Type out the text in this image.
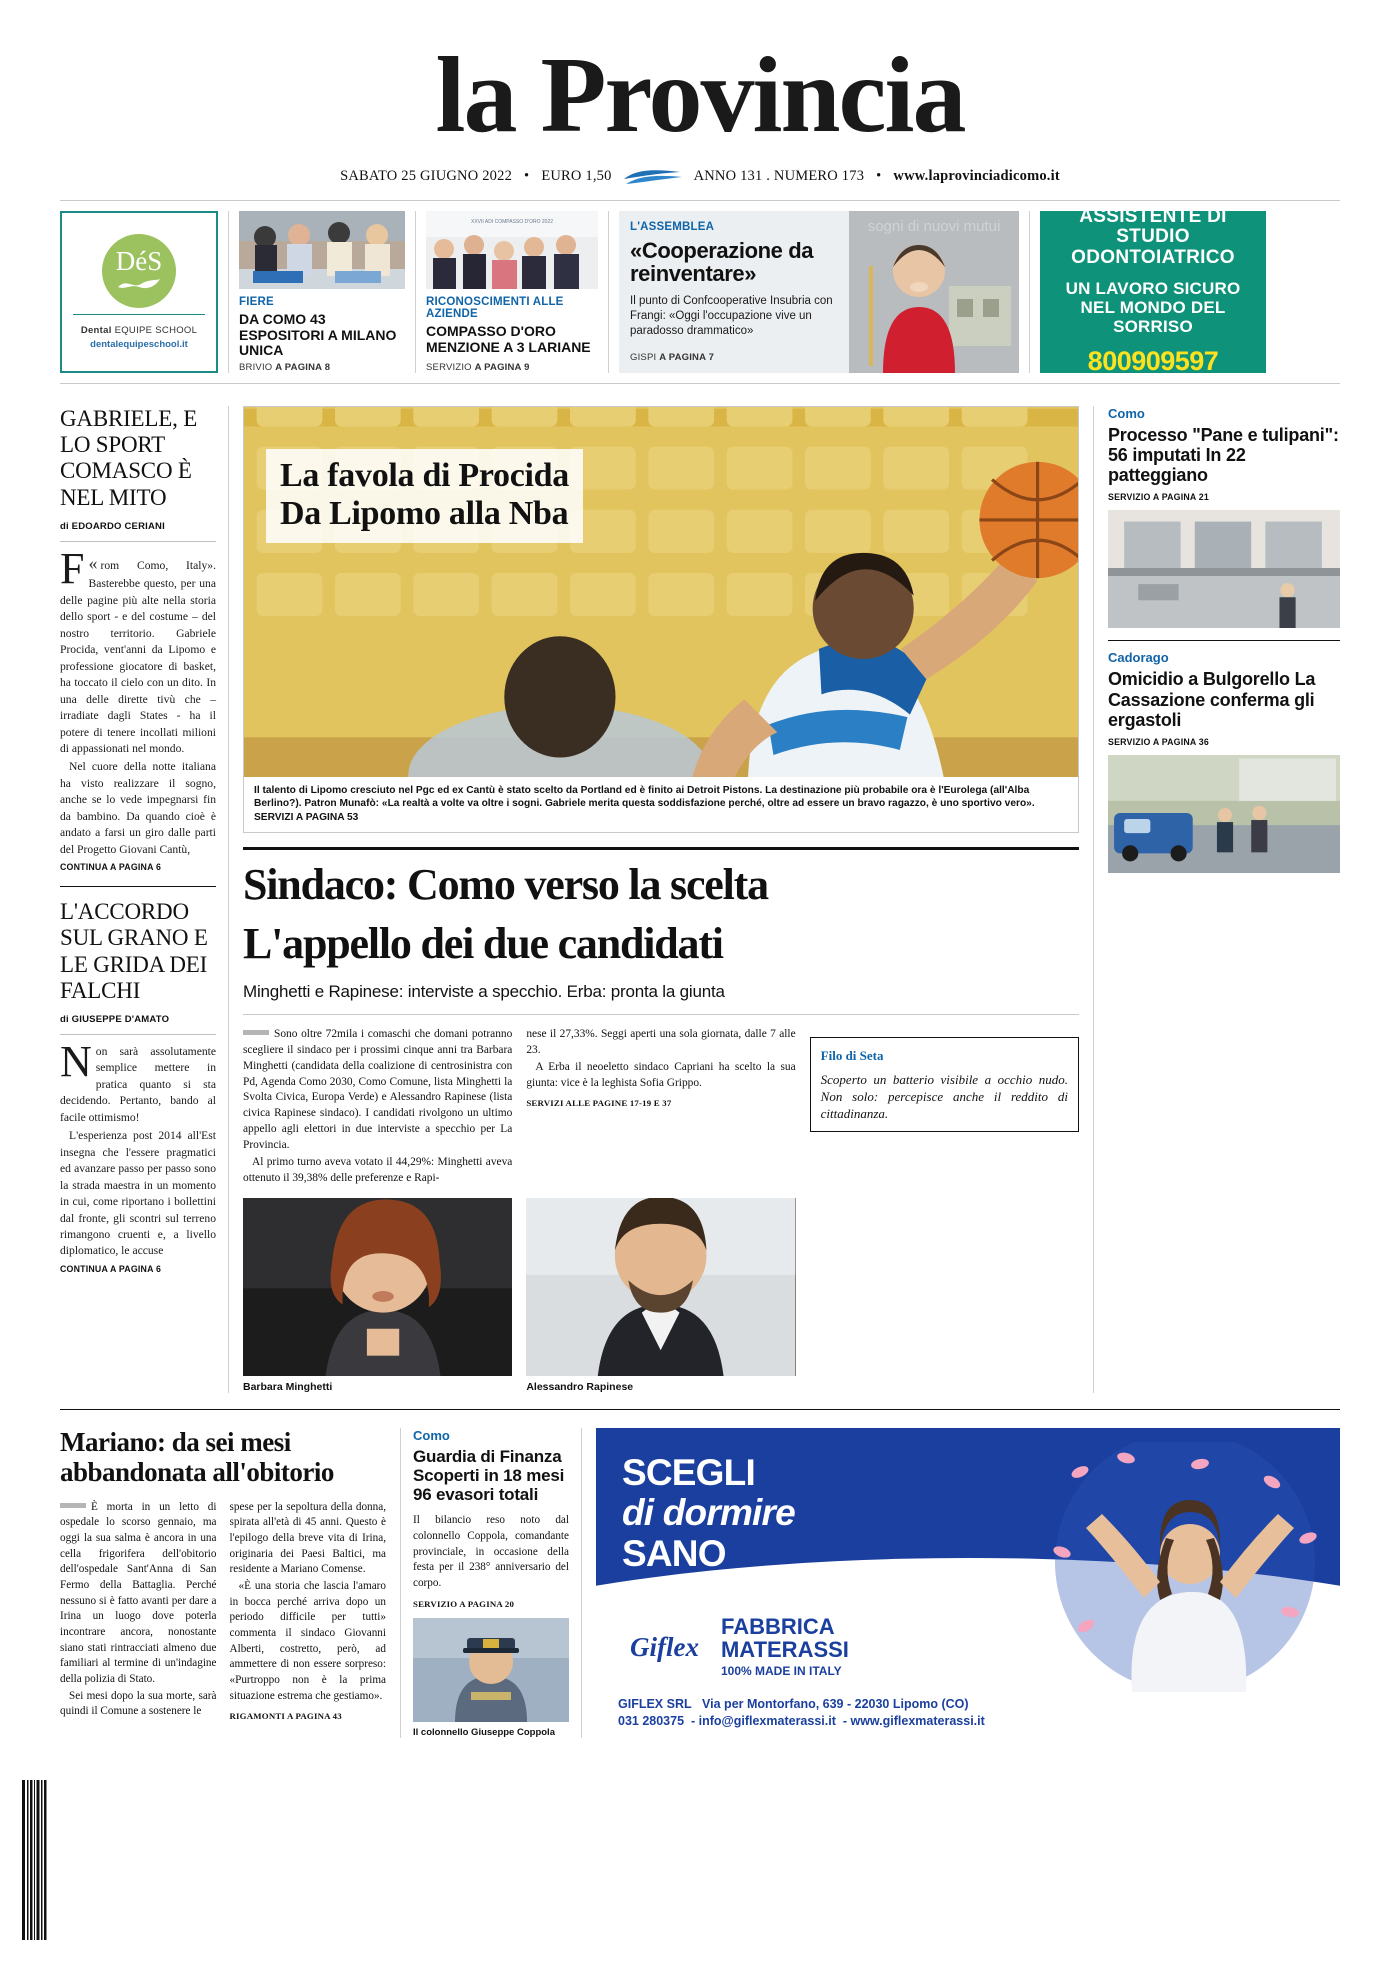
la Provincia
SABATO 25 GIUGNO 2022 • EURO 1,50	ANNO 131 . NUMERO 173 • www.laprovinciadicomo.it
DéS
Dental EQUIPE SCHOOL
dentalequipeschool.it
FIERE
DA COMO 43 ESPOSITORI A MILANO UNICA
BRIVIO A PAGINA 8
XXVII ADI COMPASSO D'ORO 2022
RICONOSCIMENTI ALLE AZIENDE
COMPASSO D'ORO MENZIONE A 3 LARIANE
SERVIZIO A PAGINA 9
L'ASSEMBLEA
«Cooperazione da reinventare»

Il punto di Confcooperative Insubria con Frangi: «Oggi l'occupazione vive un paradosso drammatico»

GISPI A PAGINA 7
sogni di nuovi mutui	ASSISTENTE DI STUDIO ODONTOIATRICO
UN LAVORO SICURO NEL MONDO DEL SORRISO
800909597
GABRIELE, E LO SPORT COMASCO È NEL MITO
di EDOARDO CERIANI

«
F	rom Como, Italy». Basterebbe questo, per una delle pagine più alte nella storia dello sport - e del costume – del nostro territorio. Gabriele Procida, vent'anni da Lipomo e professione giocatore di basket, ha toccato il cielo con un dito. In una delle dirette tivù che – irradiate dagli States - ha il potere di tenere incollati milioni di appassionati nel mondo.

Nel cuore della notte italiana ha visto realizzare il sogno, anche se lo vede impegnarsi fin da bambino. Da quando cioè è andato a farsi un giro dalle parti del Progetto Giovani Cantù,

CONTINUA A PAGINA 6
L'ACCORDO SUL GRANO E LE GRIDA DEI FALCHI
di GIUSEPPE D'AMATO

Non sarà assolutamente semplice mettere in pratica quanto si sta decidendo. Pertanto, bando al facile ottimismo!

L'esperienza post 2014 all'Est insegna che l'essere pragmatici ed avanzare passo per passo sono la strada maestra in un momento in cui, come riportano i bollettini dal fronte, gli scontri sul terreno rimangono cruenti e, a livello diplomatico, le accuse

CONTINUA A PAGINA 6
La favola di Procida
Da Lipomo alla Nba
Il talento di Lipomo cresciuto nel Pgc ed ex Cantù è stato scelto da Portland ed è finito ai Detroit Pistons. La destinazione più probabile ora è l'Eurolega (all'Alba Berlino?). Patron Munafò: «La realtà a volte va oltre i sogni. Gabriele merita questa soddisfazione perché, oltre ad essere un bravo ragazzo, è uno sportivo vero». SERVIZI A PAGINA 53
Sindaco: Como verso la scelta
L'appello dei due candidati
Minghetti e Rapinese: interviste a specchio. Erba: pronta la giunta

Sono oltre 72mila i comaschi che domani potranno scegliere il sindaco per i prossimi cinque anni tra Barbara Minghetti (candidata della coalizione di centrosinistra con Pd, Agenda Como 2030, Como Comune, lista Minghetti la Svolta Civica, Europa Verde) e Alessandro Rapinese (lista civica Rapinese sindaco). I candidati rivolgono un ultimo appello agli elettori in due interviste a specchio per La Provincia.

Al primo turno aveva votato il 44,29%: Minghetti aveva ottenuto il 39,38% delle preferenze e Rapi-

nese il 27,33%. Seggi aperti una sola giornata, dalle 7 alle 23.

A Erba il neoeletto sindaco Capriani ha scelto la sua giunta: vice è la leghista Sofia Grippo.

SERVIZI ALLE PAGINE 17-19 E 37
Filo di Seta
Scoperto un batterio visibile a occhio nudo. Non solo: percepisce anche il reddito di cittadinanza.
Barbara Minghetti	Alessandro Rapinese
Como
Processo "Pane e tulipani": 56 imputati In 22 patteggiano
SERVIZIO A PAGINA 21
Cadorago
Omicidio a Bulgorello La Cassazione conferma gli ergastoli
SERVIZIO A PAGINA 36
Mariano: da sei mesi abbandonata all'obitorio

È morta in un letto di ospedale lo scorso gennaio, ma oggi la sua salma è ancora in una cella frigorifera dell'obitorio dell'ospedale Sant'Anna di San Fermo della Battaglia. Perché nessuno si è fatto avanti per dare a Irina un luogo dove poterla incontrare ancora, nonostante siano stati rintracciati almeno due familiari al termine di un'indagine della polizia di Stato.

Sei mesi dopo la sua morte, sarà quindi il Comune a sostenere le

spese per la sepoltura della donna, spirata all'età di 45 anni. Questo è l'epilogo della breve vita di Irina, originaria dei Paesi Baltici, ma residente a Mariano Comense.

«È una storia che lascia l'amaro in bocca perché arriva dopo un periodo difficile per tutti» commenta il sindaco Giovanni Alberti, costretto, però, ad ammettere di non essere sorpreso: «Purtroppo non è la prima situazione estrema che gestiamo».

RIGAMONTI A PAGINA 43
Como
Guardia di Finanza Scoperti in 18 mesi 96 evasori totali

Il bilancio reso noto dal colonnello Coppola, comandante provinciale, in occasione della festa per il 238° anniversario del corpo.

SERVIZIO A PAGINA 20
Il colonnello Giuseppe Coppola
SCEGLI
di dormire
SANO
Giflex
FABBRICA
MATERASSI
100% MADE IN ITALY
GIFLEX SRL Via per Montorfano, 639 - 22030 Lipomo (CO)
031 280375  - info@giflexmaterassi.it  - www.giflexmaterassi.it
